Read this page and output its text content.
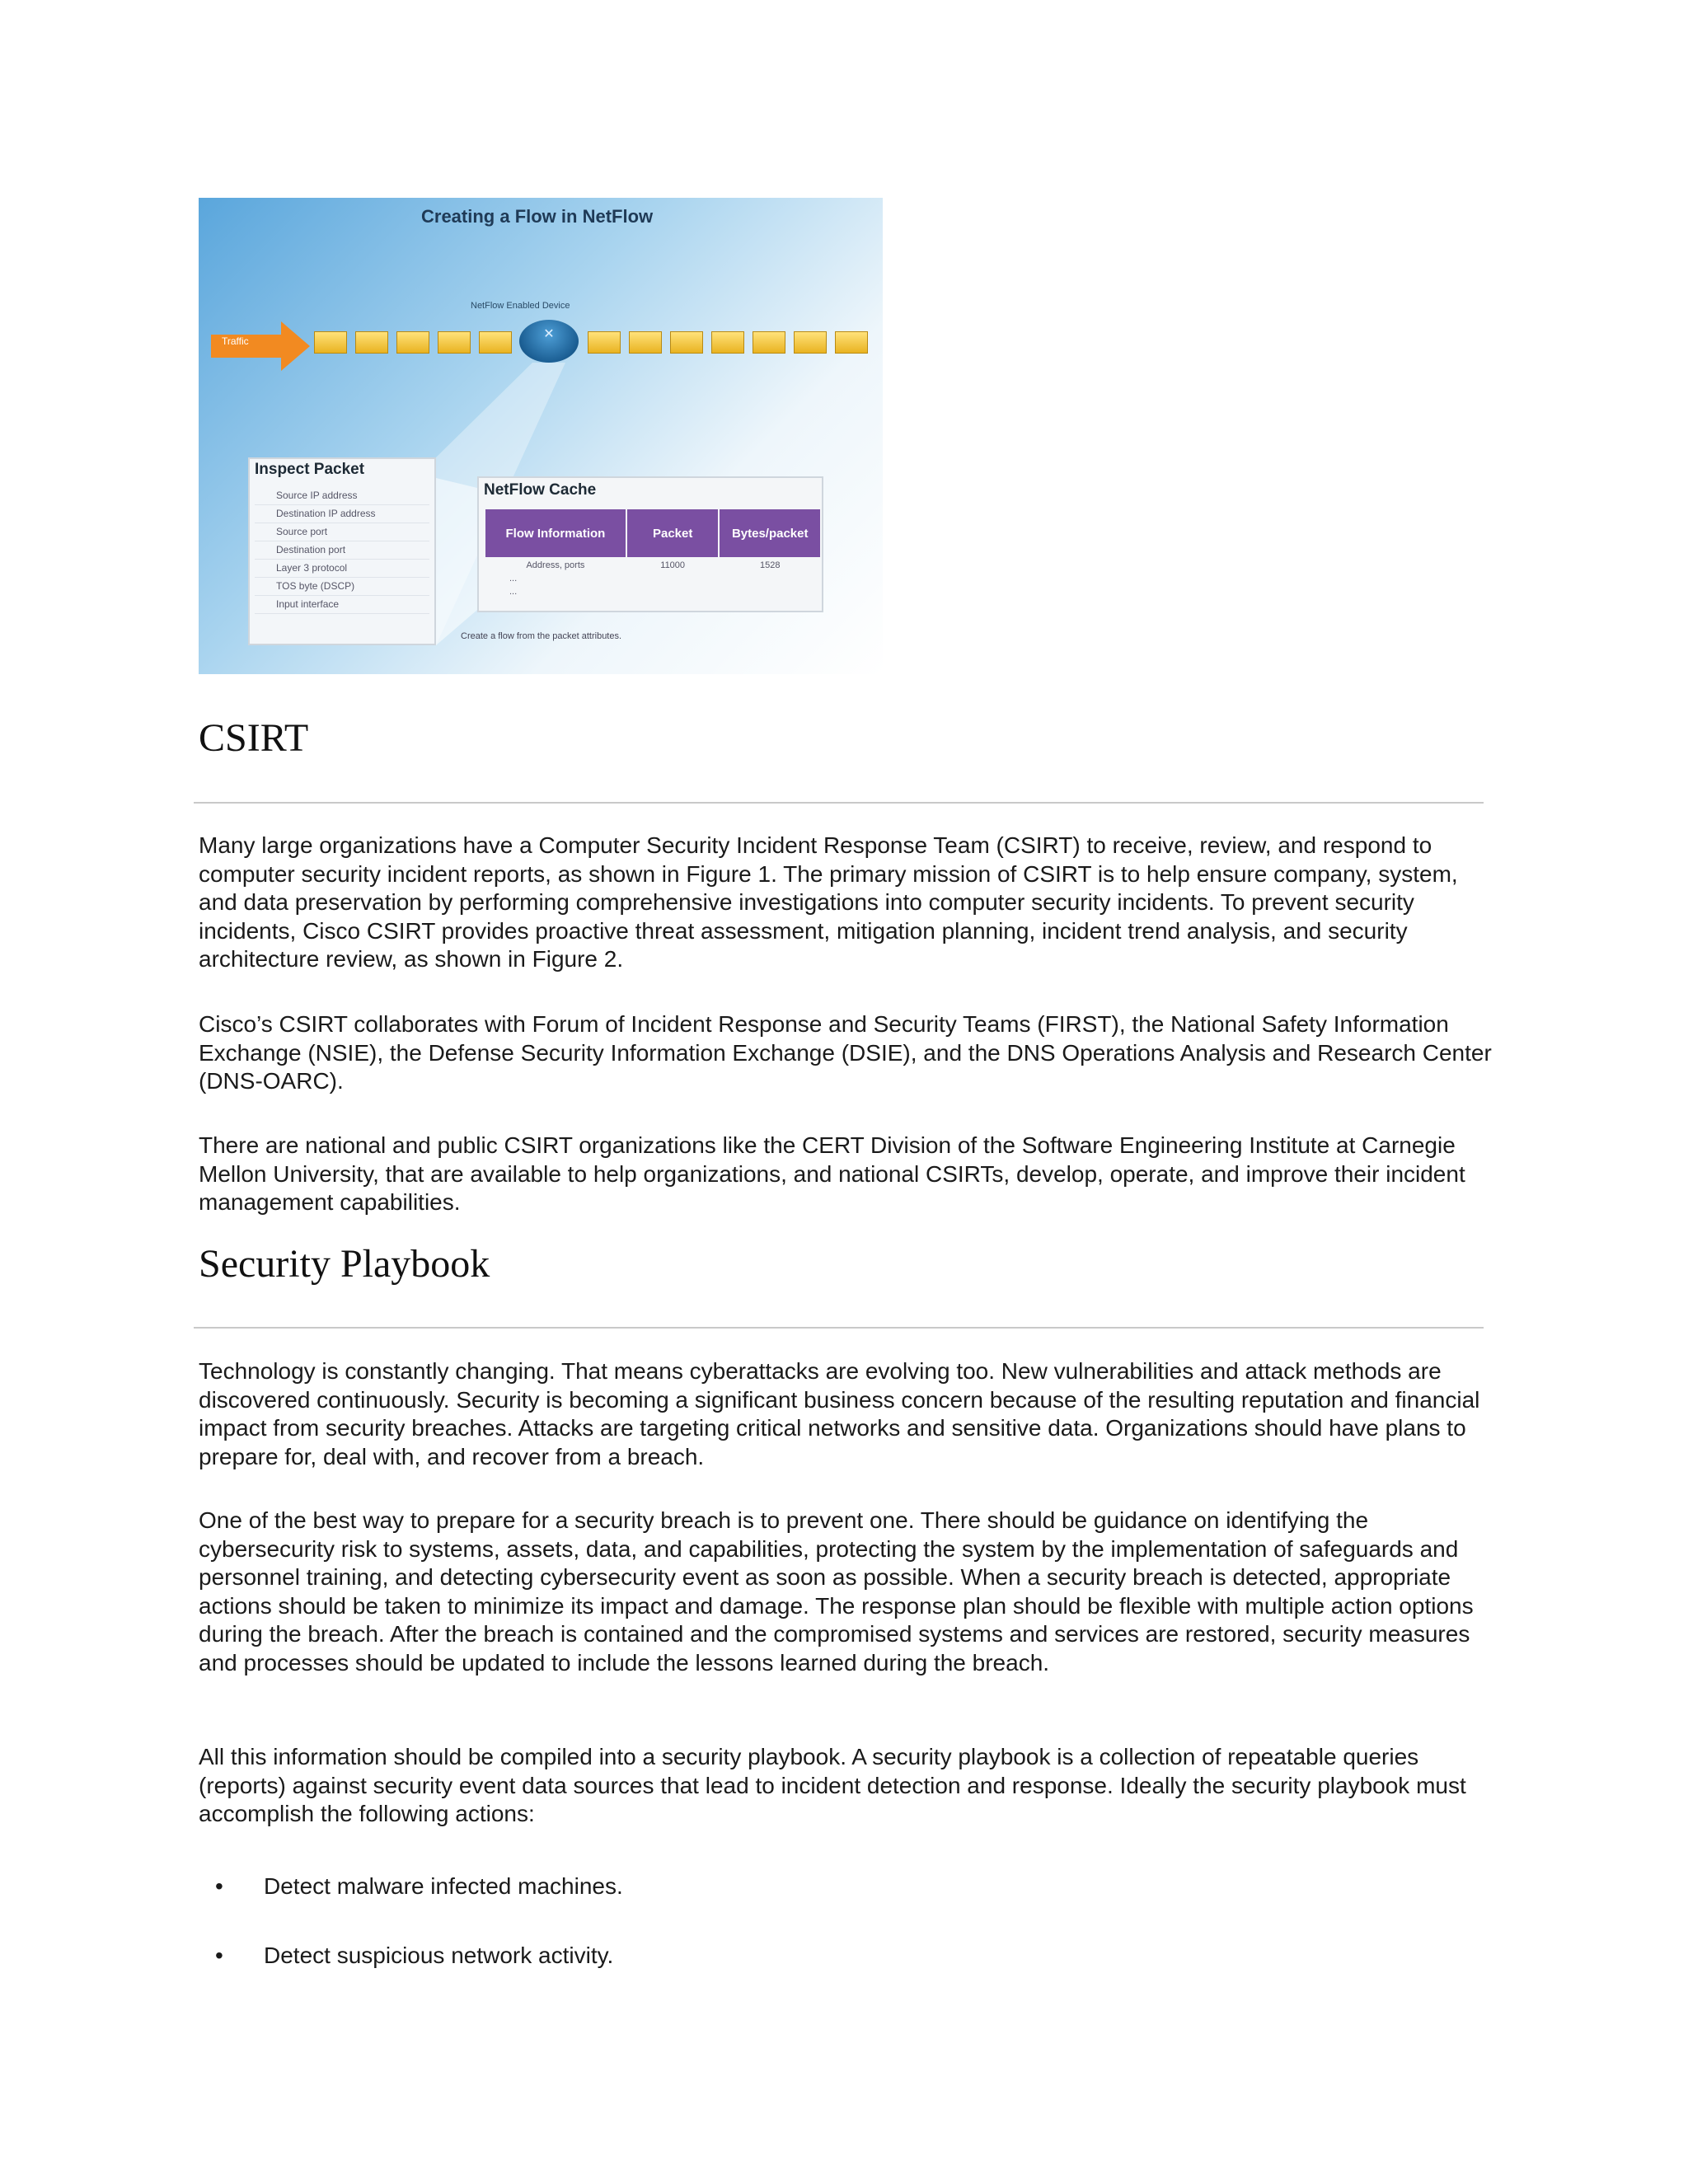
Creating a Flow in NetFlow
NetFlow Enabled Device
Traffic	✕
Inspect Packet
Source IP address
Destination IP address
Source port
Destination port
Layer 3 protocol
TOS byte (DSCP)
Input interface
NetFlow Cache
Flow Information	Packet	Bytes/packet
Address, ports	11000	1528
...		
...		
Create a flow from the packet attributes.
CSIRT

Many large organizations have a Computer Security Incident Response Team (CSIRT) to receive, review, and respond to computer security incident reports, as shown in Figure 1. The primary mission of CSIRT is to help ensure company, system, and data preservation by performing comprehensive investigations into computer security incidents. To prevent security incidents, Cisco CSIRT provides proactive threat assessment, mitigation planning, incident trend analysis, and security architecture review, as shown in Figure 2.

Cisco’s CSIRT collaborates with Forum of Incident Response and Security Teams (FIRST), the National Safety Information Exchange (NSIE), the Defense Security Information Exchange (DSIE), and the DNS Operations Analysis and Research Center (DNS-OARC).

There are national and public CSIRT organizations like the CERT Division of the Software Engineering Institute at Carnegie Mellon University, that are available to help organizations, and national CSIRTs, develop, operate, and improve their incident management capabilities.

Security Playbook

Technology is constantly changing. That means cyberattacks are evolving too. New vulnerabilities and attack methods are discovered continuously. Security is becoming a significant business concern because of the resulting reputation and financial impact from security breaches. Attacks are targeting critical networks and sensitive data. Organizations should have plans to prepare for, deal with, and recover from a breach.

One of the best way to prepare for a security breach is to prevent one. There should be guidance on identifying the cybersecurity risk to systems, assets, data, and capabilities, protecting the system by the implementation of safeguards and personnel training, and detecting cybersecurity event as soon as possible. When a security breach is detected, appropriate actions should be taken to minimize its impact and damage. The response plan should be flexible with multiple action options during the breach. After the breach is contained and the compromised systems and services are restored, security measures and processes should be updated to include the lessons learned during the breach.

All this information should be compiled into a security playbook. A security playbook is a collection of repeatable queries (reports) against security event data sources that lead to incident detection and response. Ideally the security playbook must accomplish the following actions:

• Detect malware infected machines.
• Detect suspicious network activity.
